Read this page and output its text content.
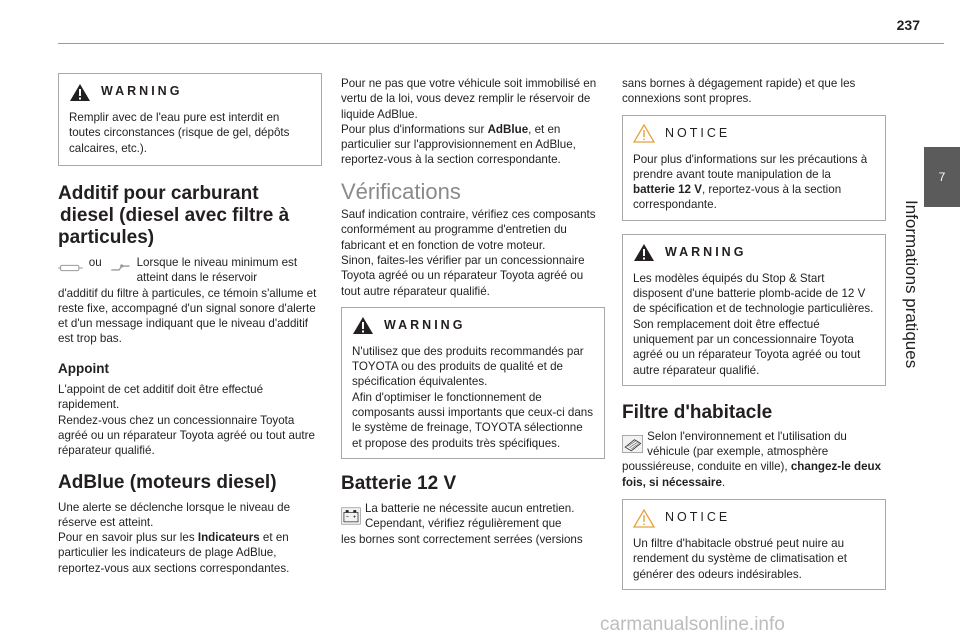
237
7
Informations pratiques
WARNING

Remplir avec de l'eau pure est interdit en toutes circonstances (risque de gel, dépôts calcaires, etc.).

Additif pour carburant

diesel (diesel avec filtre à

particules)

ou	Lorsque le niveau minimum est atteint dans le réservoir

d'additif du filtre à particules, ce témoin s'allume et reste fixe, accompagné d'un signal sonore d'alerte et d'un message indiquant que le niveau d'additif est trop bas.

Appoint

L'appoint de cet additif doit être effectué rapidement.

Rendez-vous chez un concessionnaire Toyota agréé ou un réparateur Toyota agréé ou tout autre réparateur qualifié.

AdBlue (moteurs diesel)

Une alerte se déclenche lorsque le niveau de réserve est atteint.

Pour en savoir plus sur les Indicateurs et en particulier les indicateurs de plage AdBlue, reportez-vous aux sections correspondantes.

Pour ne pas que votre véhicule soit immobilisé en vertu de la loi, vous devez remplir le réservoir de liquide AdBlue.

Pour plus d'informations sur AdBlue, et en particulier sur l'approvisionnement en AdBlue, reportez-vous à la section correspondante.

Vérifications

Sauf indication contraire, vérifiez ces composants conformément au programme d'entretien du fabricant et en fonction de votre moteur.

Sinon, faites-les vérifier par un concessionnaire Toyota agréé ou un réparateur Toyota agréé ou tout autre réparateur qualifié.

WARNING

N'utilisez que des produits recommandés par TOYOTA ou des produits de qualité et de spécification équivalentes.

Afin d'optimiser le fonctionnement de composants aussi importants que ceux-ci dans le système de freinage, TOYOTA sélectionne et propose des produits très spécifiques.

Batterie 12 V

La batterie ne nécessite aucun entretien. Cependant, vérifiez régulièrement que

les bornes sont correctement serrées (versions

sans bornes à dégagement rapide) et que les connexions sont propres.

NOTICE

Pour plus d'informations sur les précautions à prendre avant toute manipulation de la batterie 12 V, reportez-vous à la section correspondante.

WARNING

Les modèles équipés du Stop & Start disposent d'une batterie plomb-acide de 12 V de spécification et de technologie particulières.

Son remplacement doit être effectué uniquement par un concessionnaire Toyota agréé ou un réparateur Toyota agréé ou tout autre réparateur qualifié.

Filtre d'habitacle

Selon l'environnement et l'utilisation du véhicule (par exemple, atmosphère

poussiéreuse, conduite en ville), changez-le deux fois, si nécessaire.

NOTICE

Un filtre d'habitacle obstrué peut nuire au rendement du système de climatisation et générer des odeurs indésirables.

carmanualsonline.info
